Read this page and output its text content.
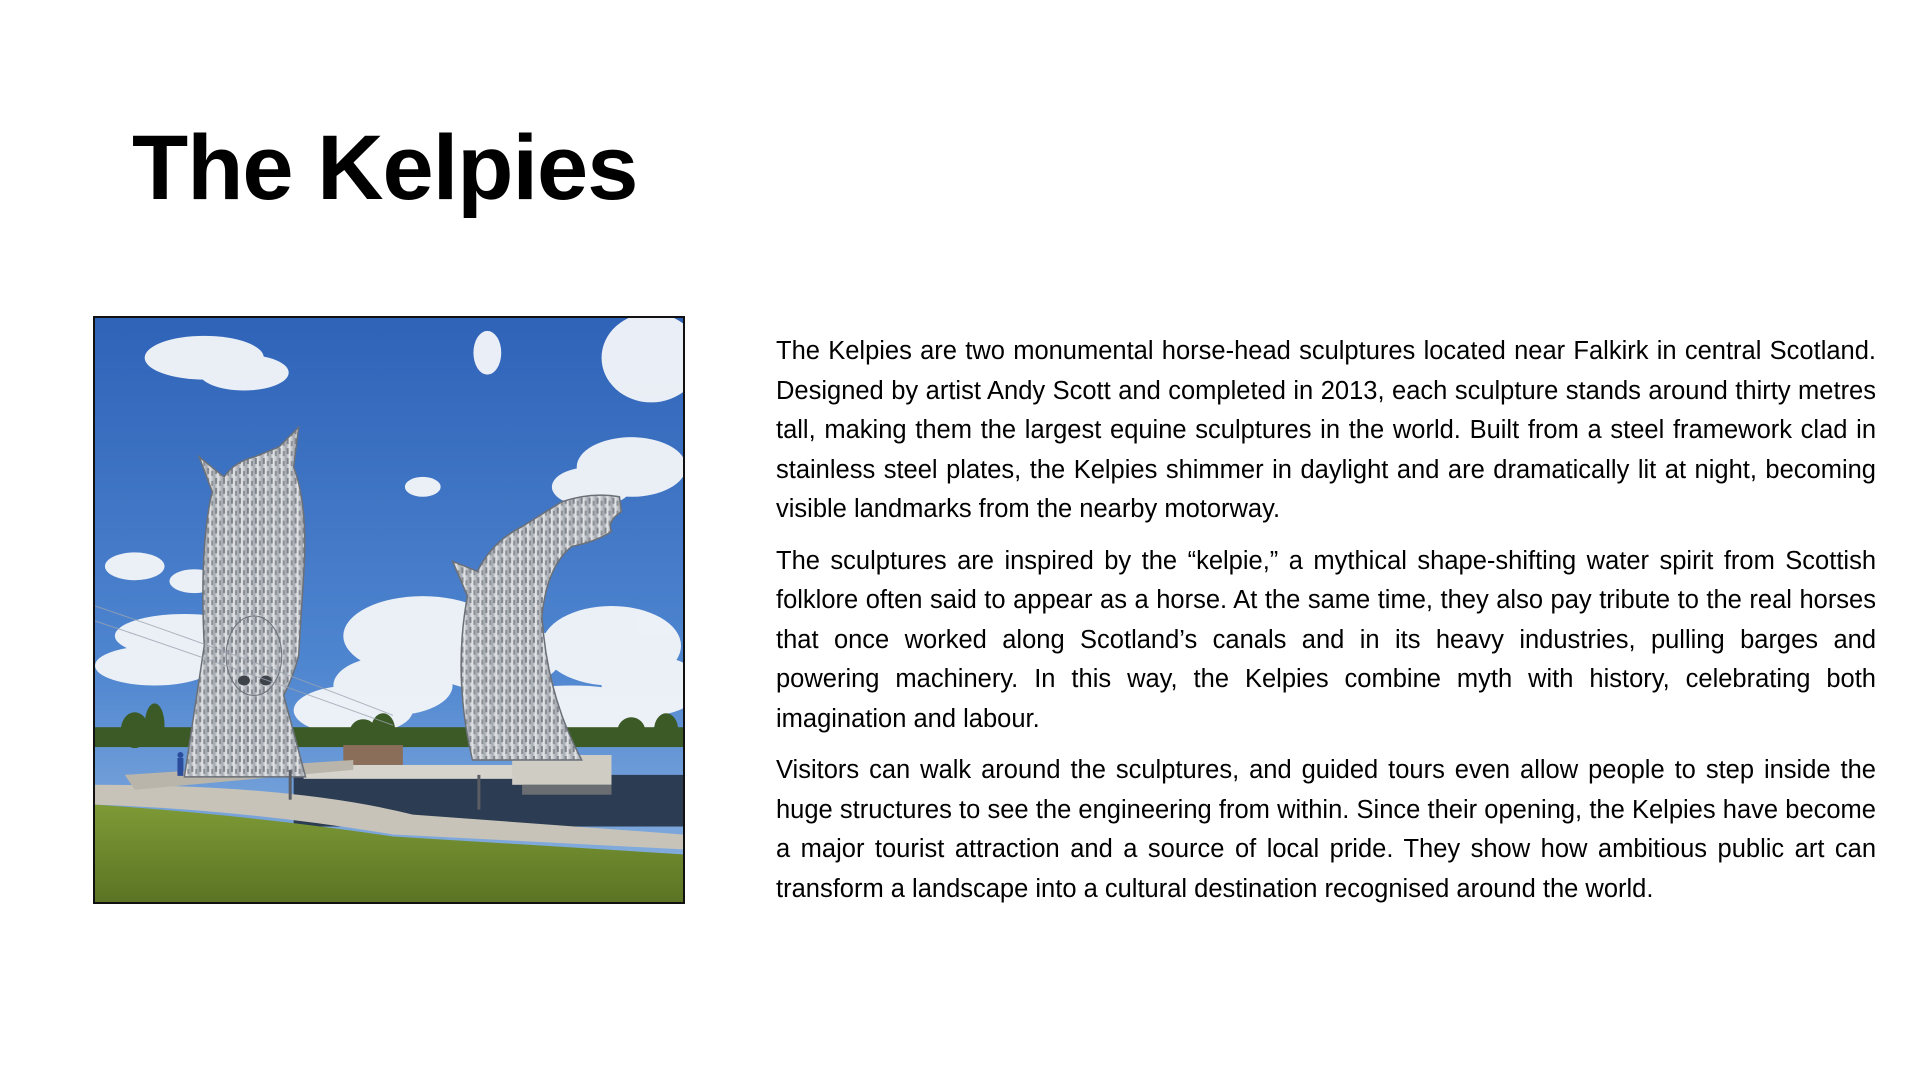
The Kelpies

The Kelpies are two monumental horse-head sculptures located near Falkirk in central Scotland. Designed by artist Andy Scott and completed in 2013, each sculpture stands around thirty metres tall, making them the largest equine sculptures in the world. Built from a steel framework clad in stainless steel plates, the Kelpies shimmer in daylight and are dramatically lit at night, becoming visible landmarks from the nearby motorway.

The sculptures are inspired by the “kelpie,” a mythical shape-shifting water spirit from Scottish folklore often said to appear as a horse. At the same time, they also pay tribute to the real horses that once worked along Scotland’s canals and in its heavy industries, pulling barges and powering machinery. In this way, the Kelpies combine myth with history, celebrating both imagination and labour.

Visitors can walk around the sculptures, and guided tours even allow people to step inside the huge structures to see the engineering from within. Since their opening, the Kelpies have become a major tourist attraction and a source of local pride. They show how ambitious public art can transform a landscape into a cultural destination recognised around the world.
